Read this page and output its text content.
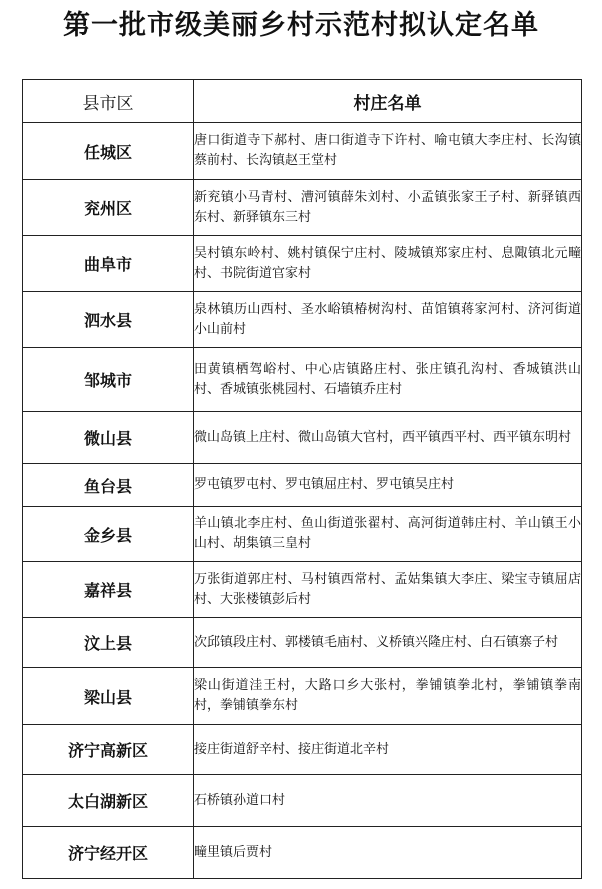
第一批市级美丽乡村示范村拟认定名单
县市区	村庄名单
任城区	唐口街道寺下郝村、唐口街道寺下许村、喻屯镇大李庄村、长沟镇蔡前村、长沟镇赵王堂村
兖州区	新兖镇小马青村、漕河镇薛朱刘村、小孟镇张家王子村、新驿镇西东村、新驿镇东三村
曲阜市	吴村镇东岭村、姚村镇保宁庄村、陵城镇郑家庄村、息陬镇北元疃村、书院街道官家村
泗水县	泉林镇历山西村、圣水峪镇椿树沟村、苗馆镇蒋家河村、济河街道小山前村
邹城市	田黄镇栖驾峪村、中心店镇路庄村、张庄镇孔沟村、香城镇洪山村、香城镇张桃园村、石墙镇乔庄村
微山县	微山岛镇上庄村、微山岛镇大官村，西平镇西平村、西平镇东明村
鱼台县	罗屯镇罗屯村、罗屯镇屈庄村、罗屯镇吴庄村
金乡县	羊山镇北李庄村、鱼山街道张翟村、高河街道韩庄村、羊山镇王小山村、胡集镇三皇村
嘉祥县	万张街道郭庄村、马村镇西常村、孟姑集镇大李庄、梁宝寺镇屈店村、大张楼镇彭后村
汶上县	次邱镇段庄村、郭楼镇毛庙村、义桥镇兴隆庄村、白石镇寨子村
梁山县	梁山街道洼王村，大路口乡大张村，拳铺镇拳北村，拳铺镇拳南村，拳铺镇拳东村
济宁高新区	接庄街道舒辛村、接庄街道北辛村
太白湖新区	石桥镇孙道口村
济宁经开区	疃里镇后贾村
